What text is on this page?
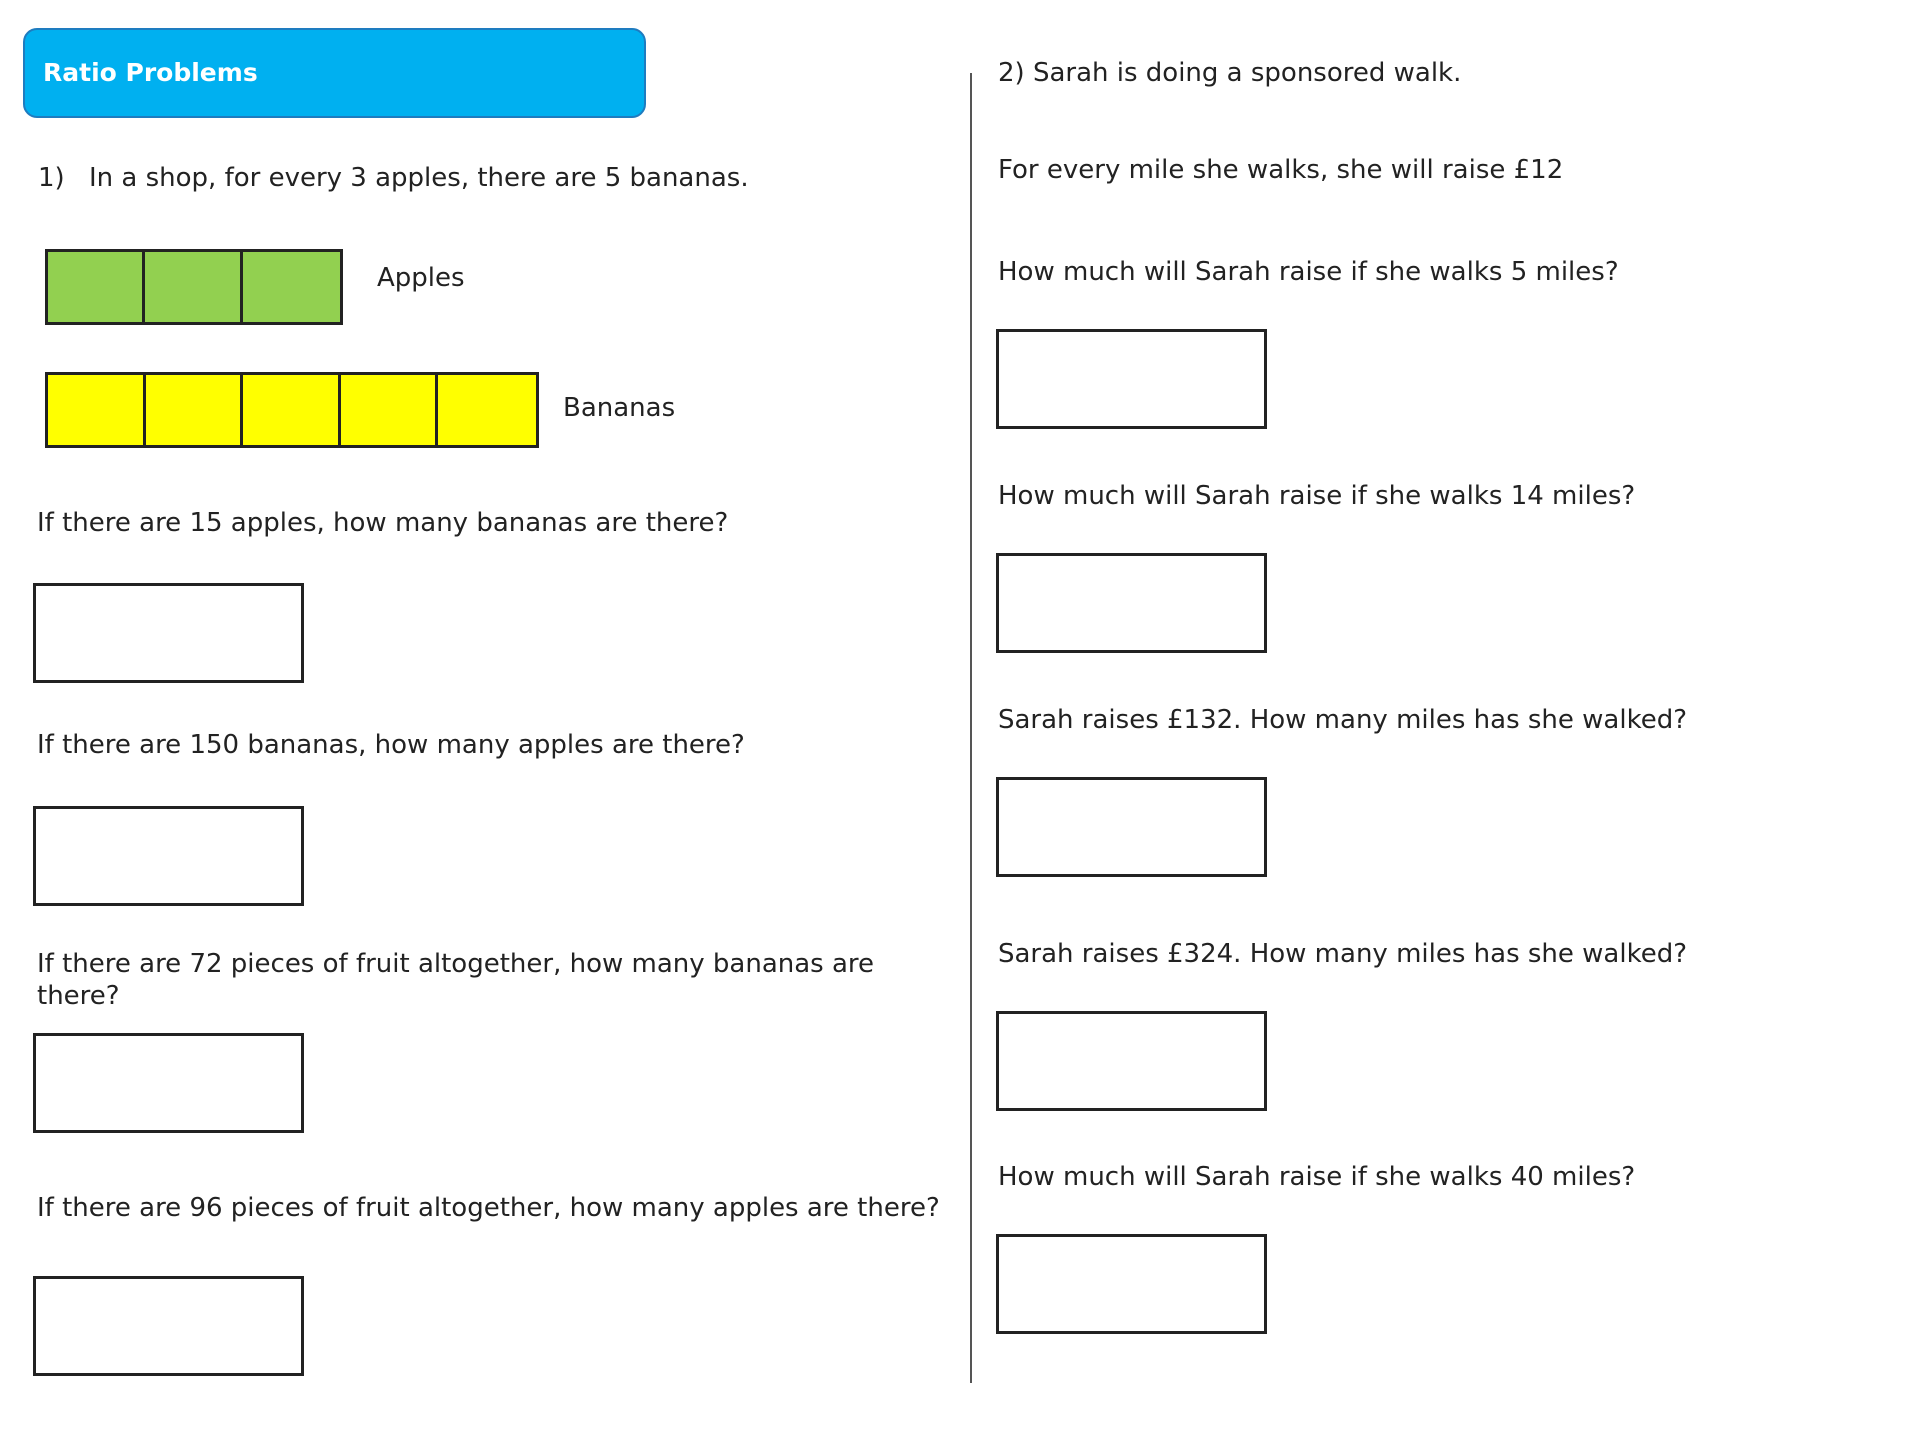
Ratio Problems
1) In a shop, for every 3 apples, there are 5 bananas.
Apples
Bananas
If there are 15 apples, how many bananas are there?
If there are 150 bananas, how many apples are there?
If there are 72 pieces of fruit altogether, how many bananas are there?
If there are 96 pieces of fruit altogether, how many apples are there?
2) Sarah is doing a sponsored walk.
For every mile she walks, she will raise £12
How much will Sarah raise if she walks 5 miles?
How much will Sarah raise if she walks 14 miles?
Sarah raises £132. How many miles has she walked?
Sarah raises £324. How many miles has she walked?
How much will Sarah raise if she walks 40 miles?
